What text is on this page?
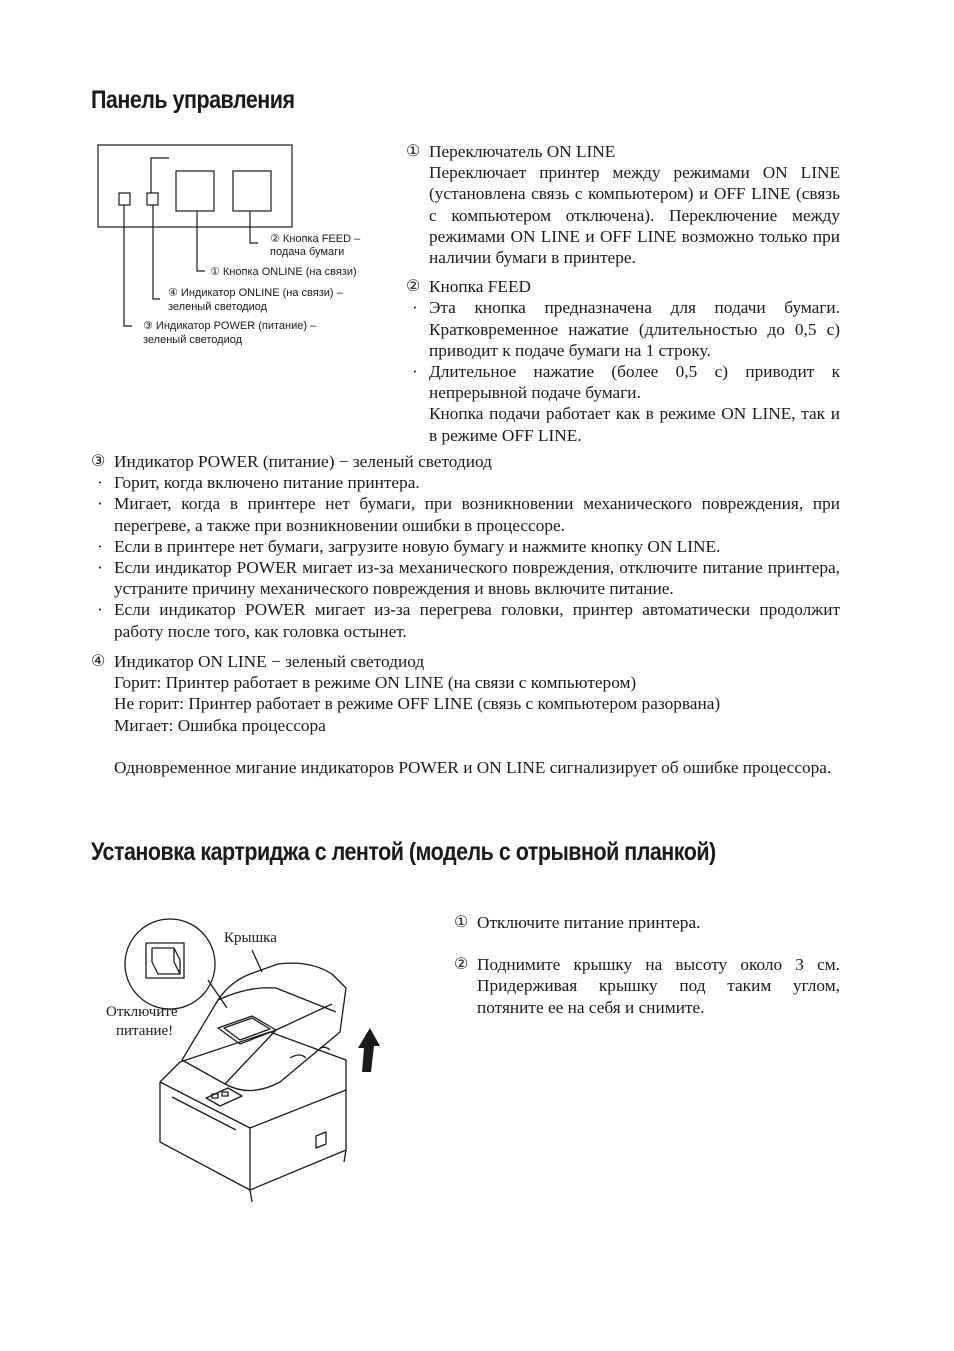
Панель управления
② Кнопка FEED –
подача бумаги
① Кнопка ONLINE (на связи)
④ Индикатор ONLINE (на связи) –
зеленый светодиод
③ Индикатор POWER (питание) –
зеленый светодиод
① Переключатель ON LINE
Переключает принтер между режимами ON LINE (установлена связь с компьютером) и OFF LINE (связь с компьютером отключена). Переключение между режимами ON LINE и OFF LINE возможно только при наличии бумаги в принтере.
② Кнопка FEED
· Эта кнопка предназначена для подачи бумаги. Кратковременное нажатие (длительностью до 0,5 с) приводит к подаче бумаги на 1 строку.
· Длительное нажатие (более 0,5 с) приводит к непрерывной подаче бумаги.
Кнопка подачи работает как в режиме ON LINE, так и в режиме OFF LINE.
③ Индикатор POWER (питание) − зеленый светодиод
· Горит, когда включено питание принтера.
· Мигает, когда в принтере нет бумаги, при возникновении механического повреждения, при перегреве, а также при возникновении ошибки в процессоре.
· Если в принтере нет бумаги, загрузите новую бумагу и нажмите кнопку ON LINE.
· Если индикатор POWER мигает из-за механического повреждения, отключите питание принтера, устраните причину механического повреждения и вновь включите питание.
· Если индикатор POWER мигает из-за перегрева головки, принтер автоматически продолжит работу после того, как головка остынет.
④ Индикатор ON LINE − зеленый светодиод
Горит: Принтер работает в режиме ON LINE (на связи с компьютером)
Не горит: Принтер работает в режиме OFF LINE (связь с компьютером разорвана)
Мигает: Ошибка процессора
Одновременное мигание индикаторов POWER и ON LINE сигнализирует об ошибке процессора.
Установка картриджа с лентой (модель с отрывной планкой)
Крышка
Отключите
питание!
① Отключите питание принтера.
② Поднимите крышку на высоту около 3 см. Придерживая крышку под таким углом, потяните ее на себя и снимите.
